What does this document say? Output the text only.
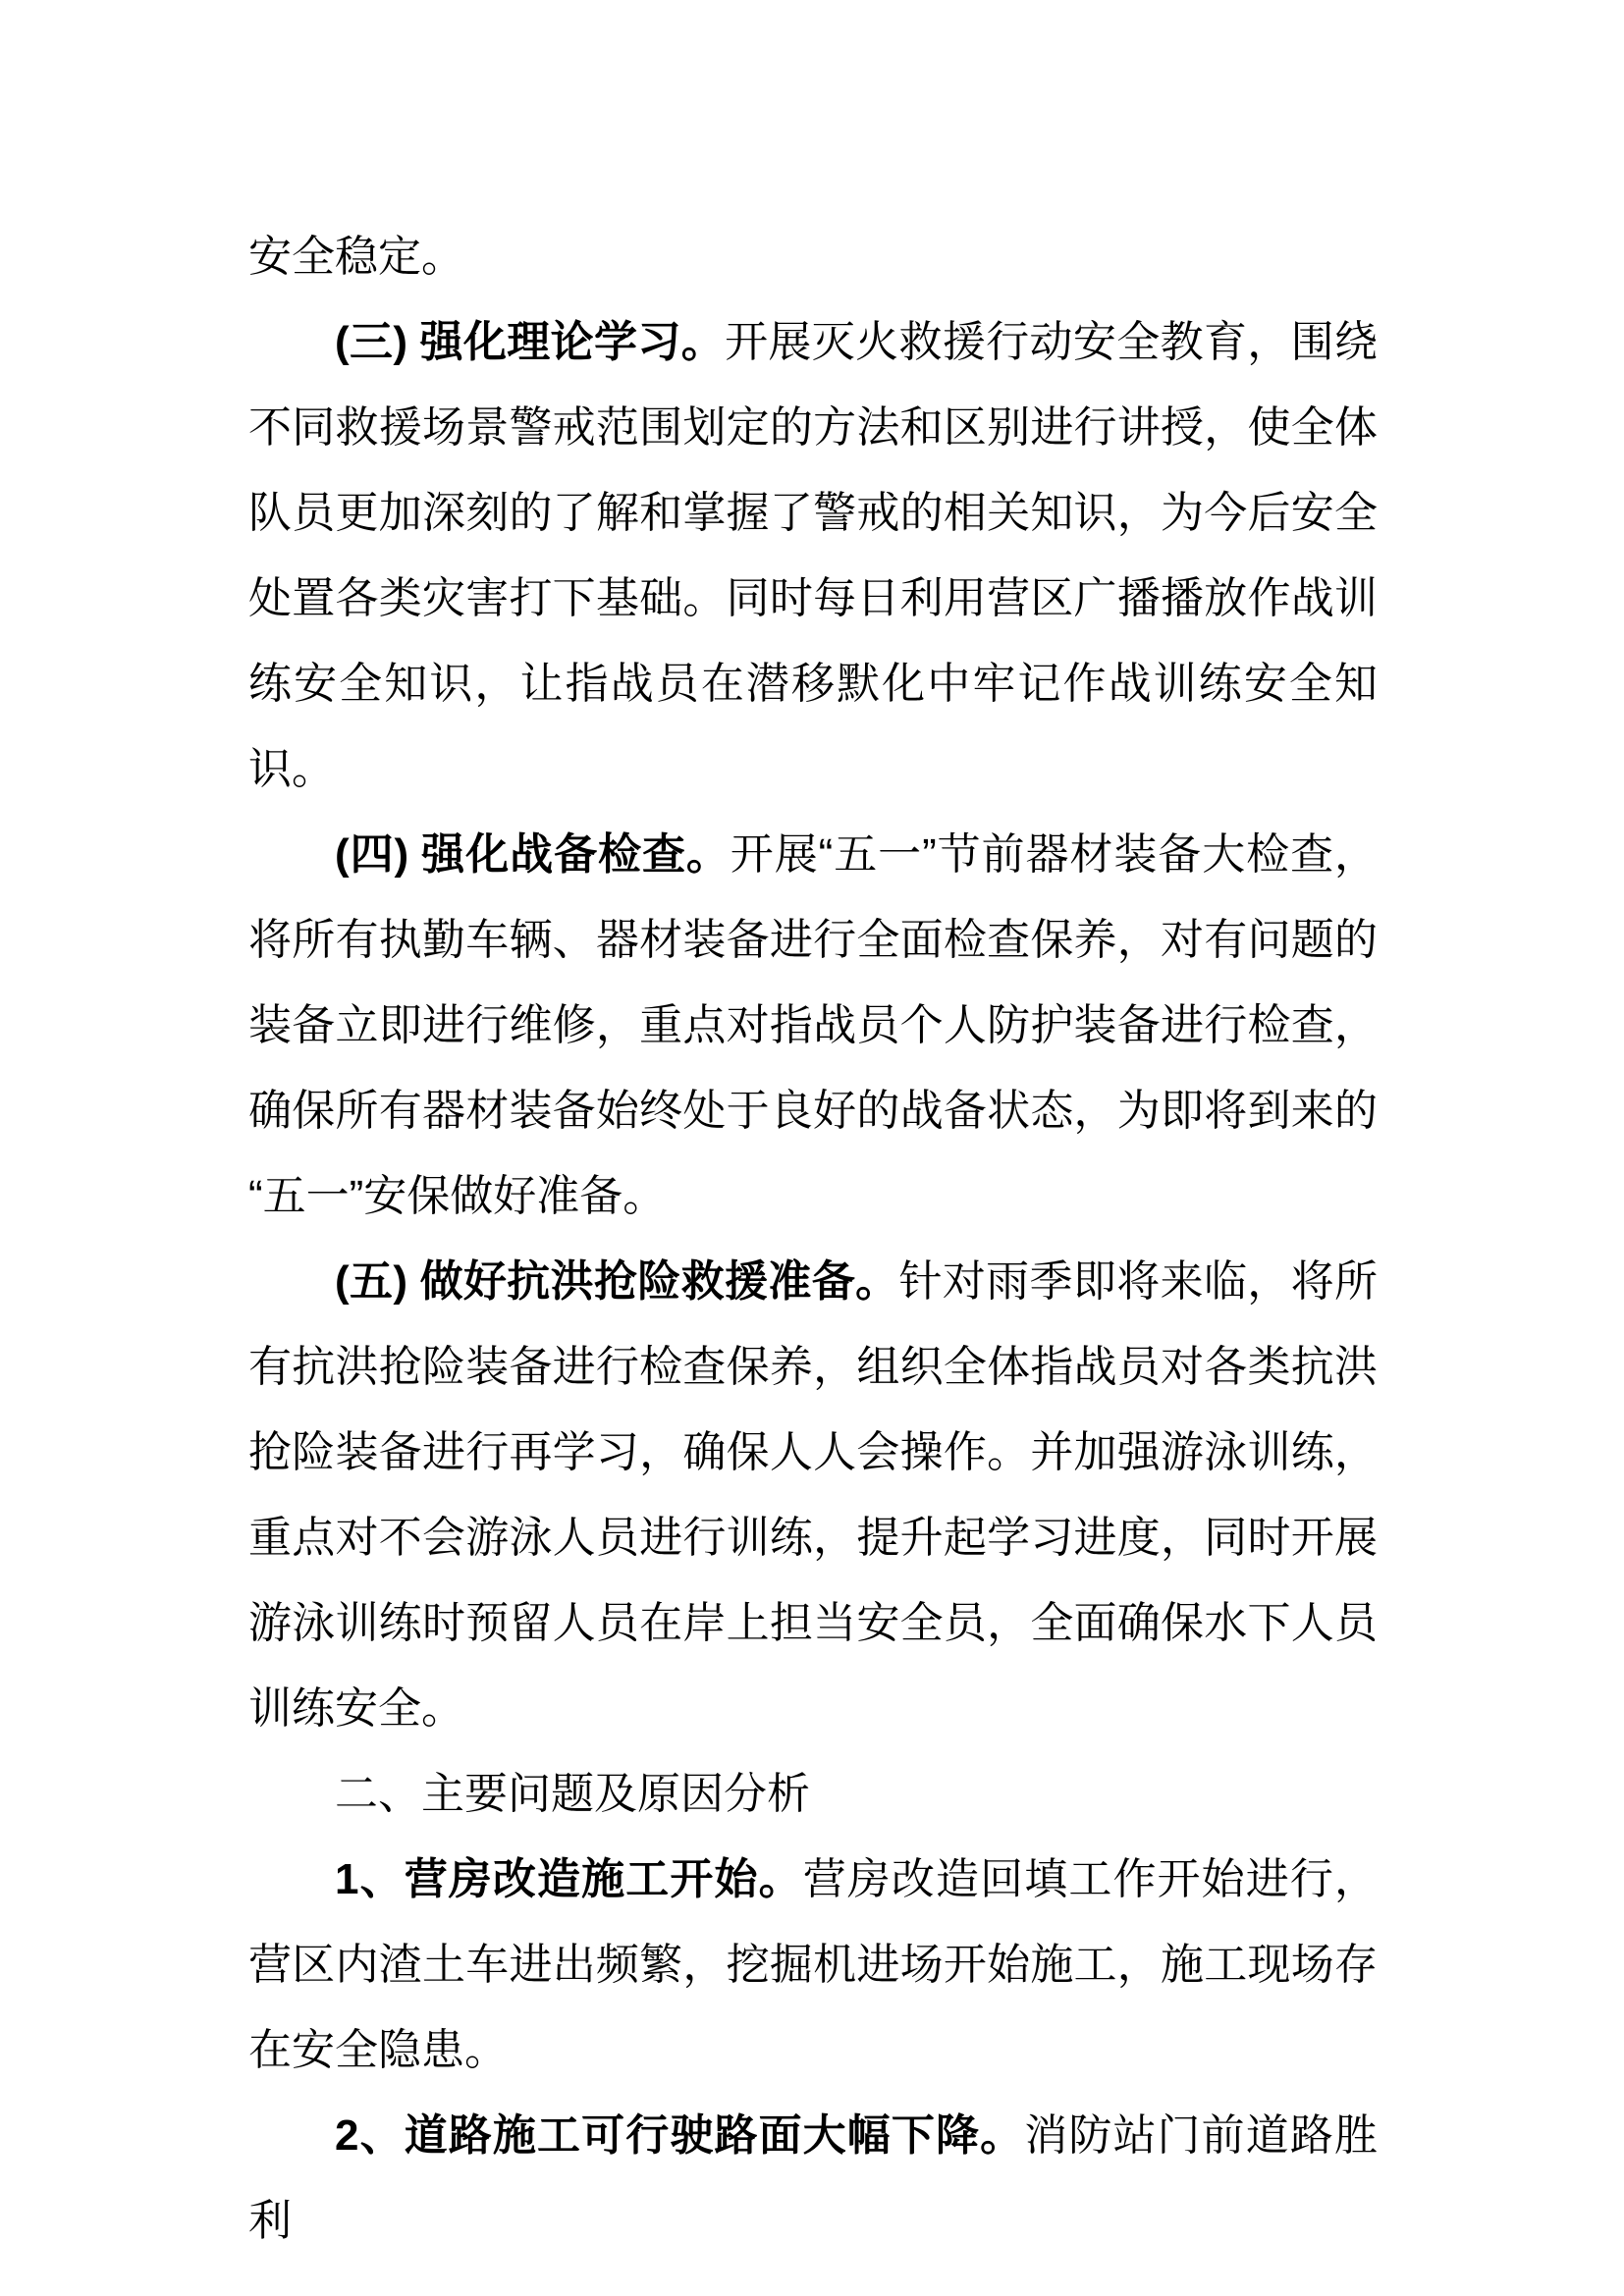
安全稳定。

(三) 强化理论学习。开展灭火救援行动安全教育，围绕不同救援场景警戒范围划定的方法和区别进行讲授，使全体队员更加深刻的了解和掌握了警戒的相关知识，为今后安全处置各类灾害打下基础。同时每日利用营区广播播放作战训练安全知识，让指战员在潜移默化中牢记作战训练安全知识。

(四) 强化战备检查。开展“五一”节前器材装备大检查，将所有执勤车辆、器材装备进行全面检查保养，对有问题的装备立即进行维修，重点对指战员个人防护装备进行检查，确保所有器材装备始终处于良好的战备状态，为即将到来的“五一”安保做好准备。

(五) 做好抗洪抢险救援准备。针对雨季即将来临，将所有抗洪抢险装备进行检查保养，组织全体指战员对各类抗洪抢险装备进行再学习，确保人人会操作。并加强游泳训练，重点对不会游泳人员进行训练，提升起学习进度，同时开展游泳训练时预留人员在岸上担当安全员，全面确保水下人员训练安全。

二、主要问题及原因分析

1、营房改造施工开始。营房改造回填工作开始进行，营区内渣土车进出频繁，挖掘机进场开始施工，施工现场存在安全隐患。

2、道路施工可行驶路面大幅下降。消防站门前道路胜利
